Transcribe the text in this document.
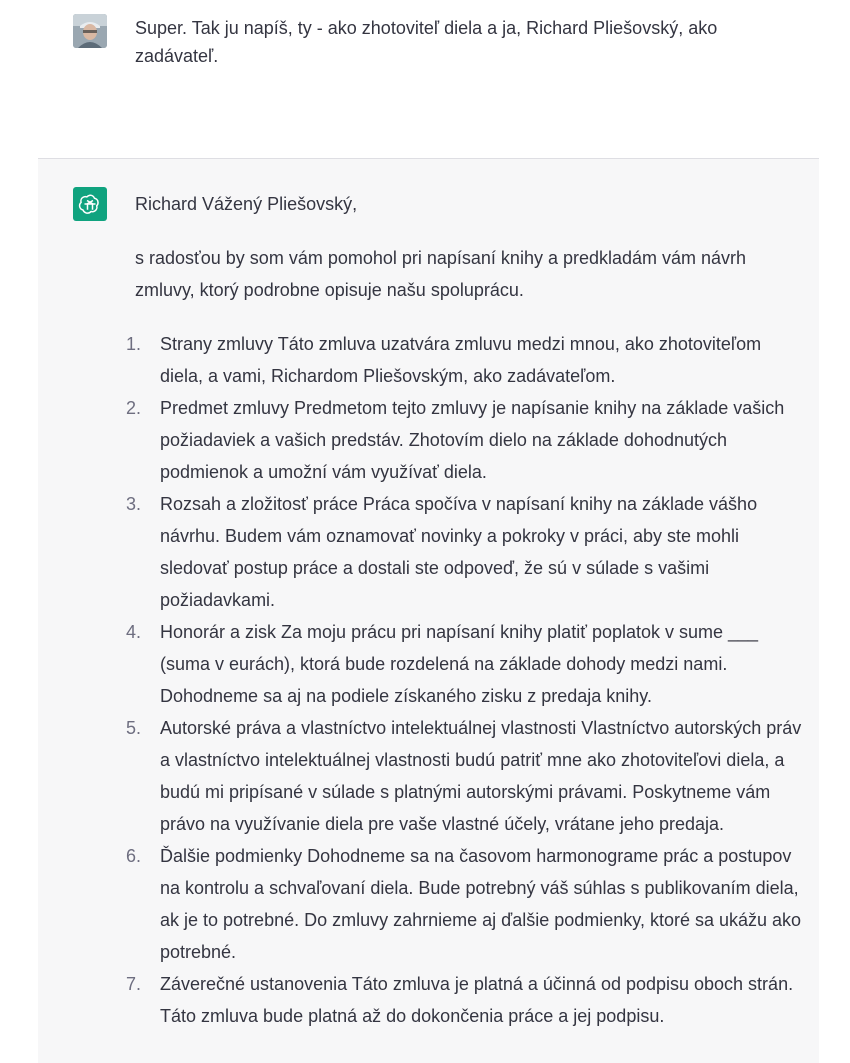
Super. Tak ju napíš, ty - ako zhotoviteľ diela a ja, Richard Pliešovský, ako zadávateľ.

Richard Vážený Pliešovský,

s radosťou by som vám pomohol pri napísaní knihy a predkladám vám návrh zmluvy, ktorý podrobne opisuje našu spoluprácu.

1. Strany zmluvy Táto zmluva uzatvára zmluvu medzi mnou, ako zhotoviteľom diela, a vami, Richardom Pliešovským, ako zadávateľom.
2. Predmet zmluvy Predmetom tejto zmluvy je napísanie knihy na základe vašich požiadaviek a vašich predstáv. Zhotovím dielo na základe dohodnutých podmienok a umožní vám využívať diela.
3. Rozsah a zložitosť práce Práca spočíva v napísaní knihy na základe vášho návrhu. Budem vám oznamovať novinky a pokroky v práci, aby ste mohli sledovať postup práce a dostali ste odpoveď, že sú v súlade s vašimi požiadavkami.
4. Honorár a zisk Za moju prácu pri napísaní knihy platiť poplatok v sume ___ (suma v eurách), ktorá bude rozdelená na základe dohody medzi nami. Dohodneme sa aj na podiele získaného zisku z predaja knihy.
5. Autorské práva a vlastníctvo intelektuálnej vlastnosti Vlastníctvo autorských práv a vlastníctvo intelektuálnej vlastnosti budú patriť mne ako zhotoviteľovi diela, a budú mi pripísané v súlade s platnými autorskými právami. Poskytneme vám právo na využívanie diela pre vaše vlastné účely, vrátane jeho predaja.
6. Ďalšie podmienky Dohodneme sa na časovom harmonograme prác a postupov na kontrolu a schvaľovaní diela. Bude potrebný váš súhlas s publikovaním diela, ak je to potrebné. Do zmluvy zahrnieme aj ďalšie podmienky, ktoré sa ukážu ako potrebné.
7. Záverečné ustanovenia Táto zmluva je platná a účinná od podpisu oboch strán. Táto zmluva bude platná až do dokončenia práce a jej podpisu.
